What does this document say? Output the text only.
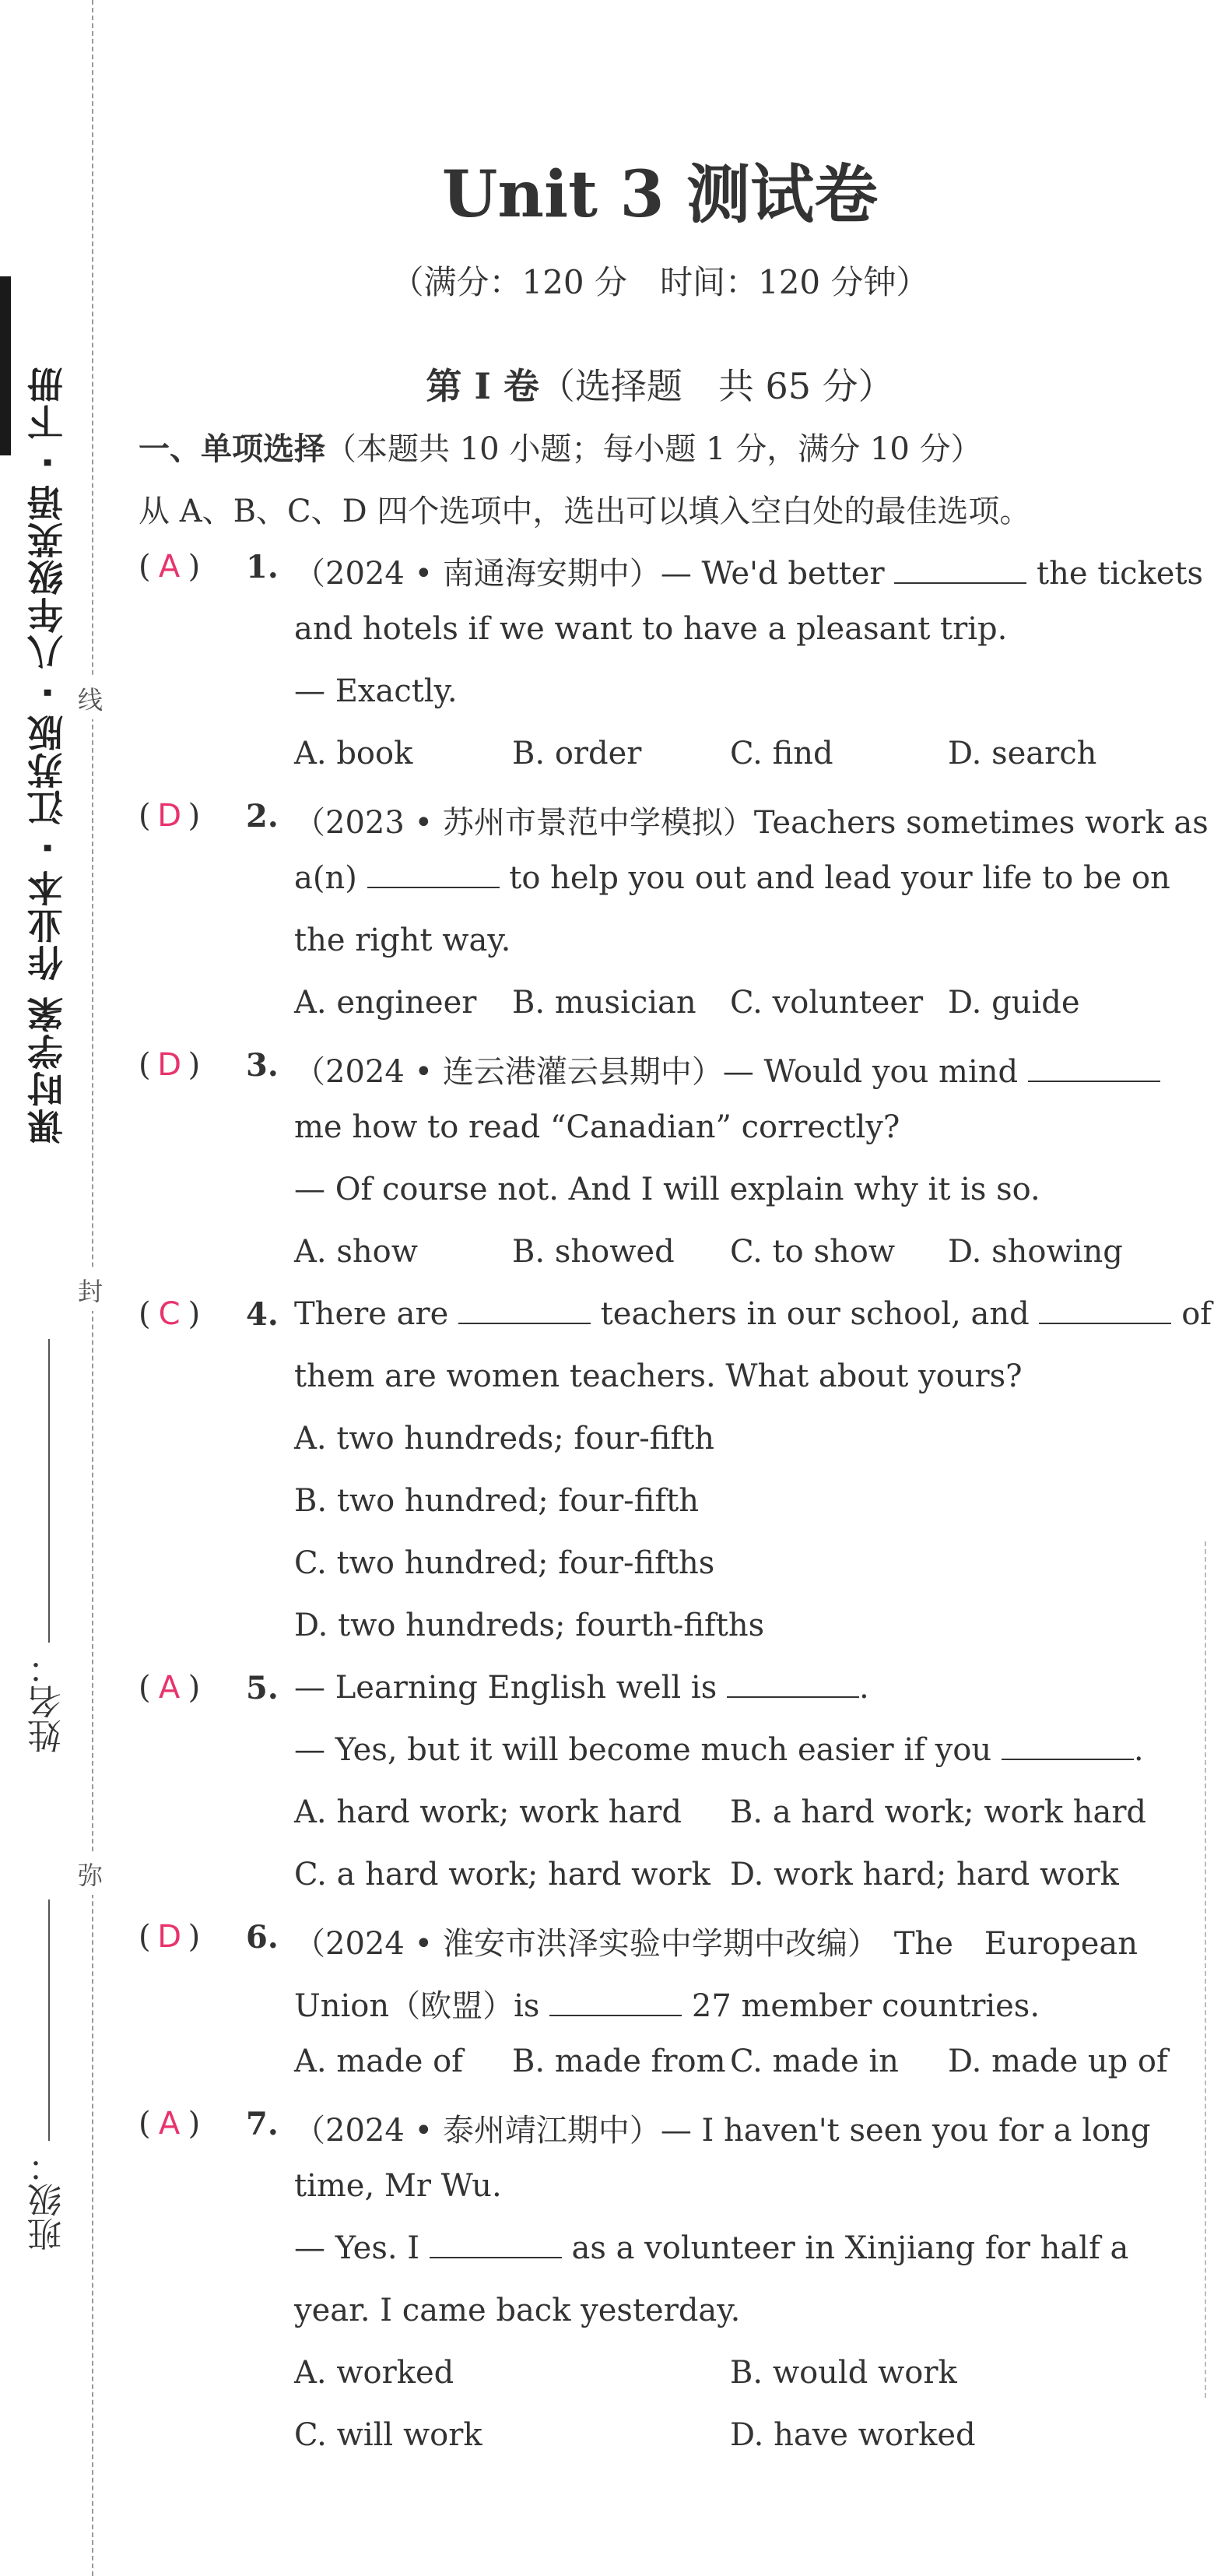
课时学案 作业本 · 江苏版 · 八年级英语 · 下册
姓名：
班级：
线
封
弥
Unit 3 测试卷
（满分：120 分　时间：120 分钟）
第 I 卷（选择题　共 65 分）
一、单项选择（本题共 10 小题；每小题 1 分，满分 10 分）
从 A、B、C、D 四个选项中，选出可以填入空白处的最佳选项。
( A ) 1. （2024 • 南通海安期中）— We'd better	the tickets
and hotels if we want to have a pleasant trip.
— Exactly.
A. book	B. order	C. find	D. search
( D ) 2. （2023 • 苏州市景范中学模拟）Teachers sometimes work as
a(n)	to help you out and lead your life to be on
the right way.
A. engineer B. musician C. volunteer D. guide
( D ) 3. （2024 • 连云港灌云县期中）— Would you mind
me how to read “Canadian” correctly?
— Of course not. And I will explain why it is so.
A. show	B. showed C. to show D. showing
( C ) 4. There are	teachers in our school, and	of
them are women teachers. What about yours?
A. two hundreds; four-fifth
B. two hundred; four-fifth
C. two hundred; four-fifths
D. two hundreds; fourth-fifths
( A ) 5. — Learning English well is	.
— Yes, but it will become much easier if you	.
A. hard work; work hard B. a hard work; work hard
C. a hard work; hard work D. work hard; hard work
( D ) 6. （2024 • 淮安市洪泽实验中学期中改编）　The　European
Union（欧盟）is	27 member countries.
A. made of B. made from C. made in D. made up of
( A ) 7. （2024 • 泰州靖江期中）— I haven't seen you for a long
time, Mr Wu.
— Yes. I	as a volunteer in Xinjiang for half a
year. I came back yesterday.
A. worked	B. would work
C. will work	D. have worked
